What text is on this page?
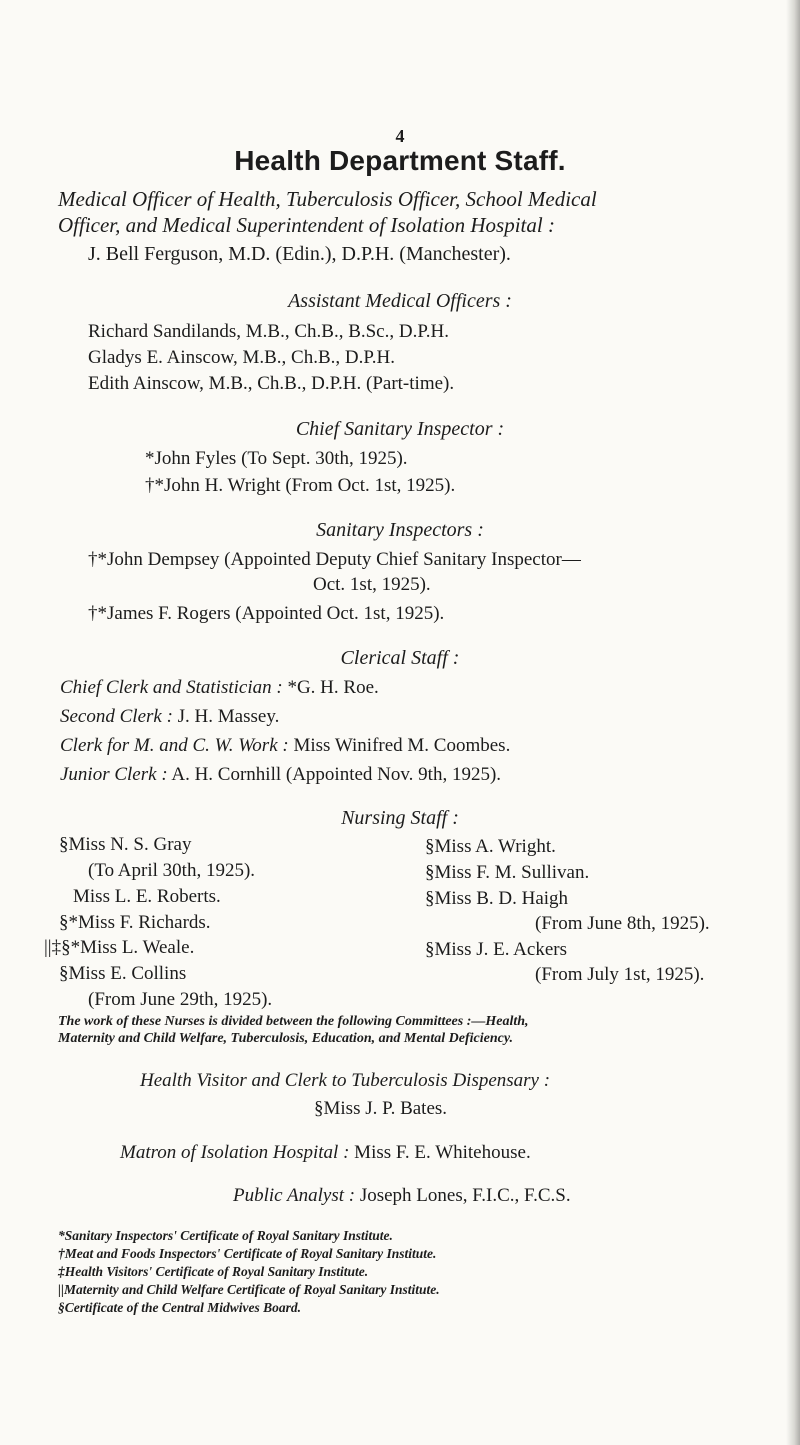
4
Health Department Staff.
Medical Officer of Health, Tuberculosis Officer, School Medical
Officer, and Medical Superintendent of Isolation Hospital :
J. Bell Ferguson, M.D. (Edin.), D.P.H. (Manchester).
Assistant Medical Officers :
Richard Sandilands, M.B., Ch.B., B.Sc., D.P.H.
Gladys E. Ainscow, M.B., Ch.B., D.P.H.
Edith Ainscow, M.B., Ch.B., D.P.H. (Part-time).
Chief Sanitary Inspector :
*John Fyles (To Sept. 30th, 1925).
†*John H. Wright (From Oct. 1st, 1925).
Sanitary Inspectors :
†*John Dempsey (Appointed Deputy Chief Sanitary Inspector—
Oct. 1st, 1925).
†*James F. Rogers (Appointed Oct. 1st, 1925).
Clerical Staff :
Chief Clerk and Statistician : *G. H. Roe.
Second Clerk : J. H. Massey.
Clerk for M. and C. W. Work : Miss Winifred M. Coombes.
Junior Clerk : A. H. Cornhill (Appointed Nov. 9th, 1925).
Nursing Staff :
§Miss N. S. Gray
(To April 30th, 1925).
Miss L. E. Roberts.
§*Miss F. Richards.
||‡§*Miss L. Weale.
§Miss E. Collins
(From June 29th, 1925).
§Miss A. Wright.
§Miss F. M. Sullivan.
§Miss B. D. Haigh
(From June 8th, 1925).
§Miss J. E. Ackers
(From July 1st, 1925).
The work of these Nurses is divided between the following Committees :—Health,
Maternity and Child Welfare, Tuberculosis, Education, and Mental Deficiency.
Health Visitor and Clerk to Tuberculosis Dispensary :
§Miss J. P. Bates.
Matron of Isolation Hospital : Miss F. E. Whitehouse.
Public Analyst : Joseph Lones, F.I.C., F.C.S.
*Sanitary Inspectors' Certificate of Royal Sanitary Institute.
†Meat and Foods Inspectors' Certificate of Royal Sanitary Institute.
‡Health Visitors' Certificate of Royal Sanitary Institute.
||Maternity and Child Welfare Certificate of Royal Sanitary Institute.
§Certificate of the Central Midwives Board.
